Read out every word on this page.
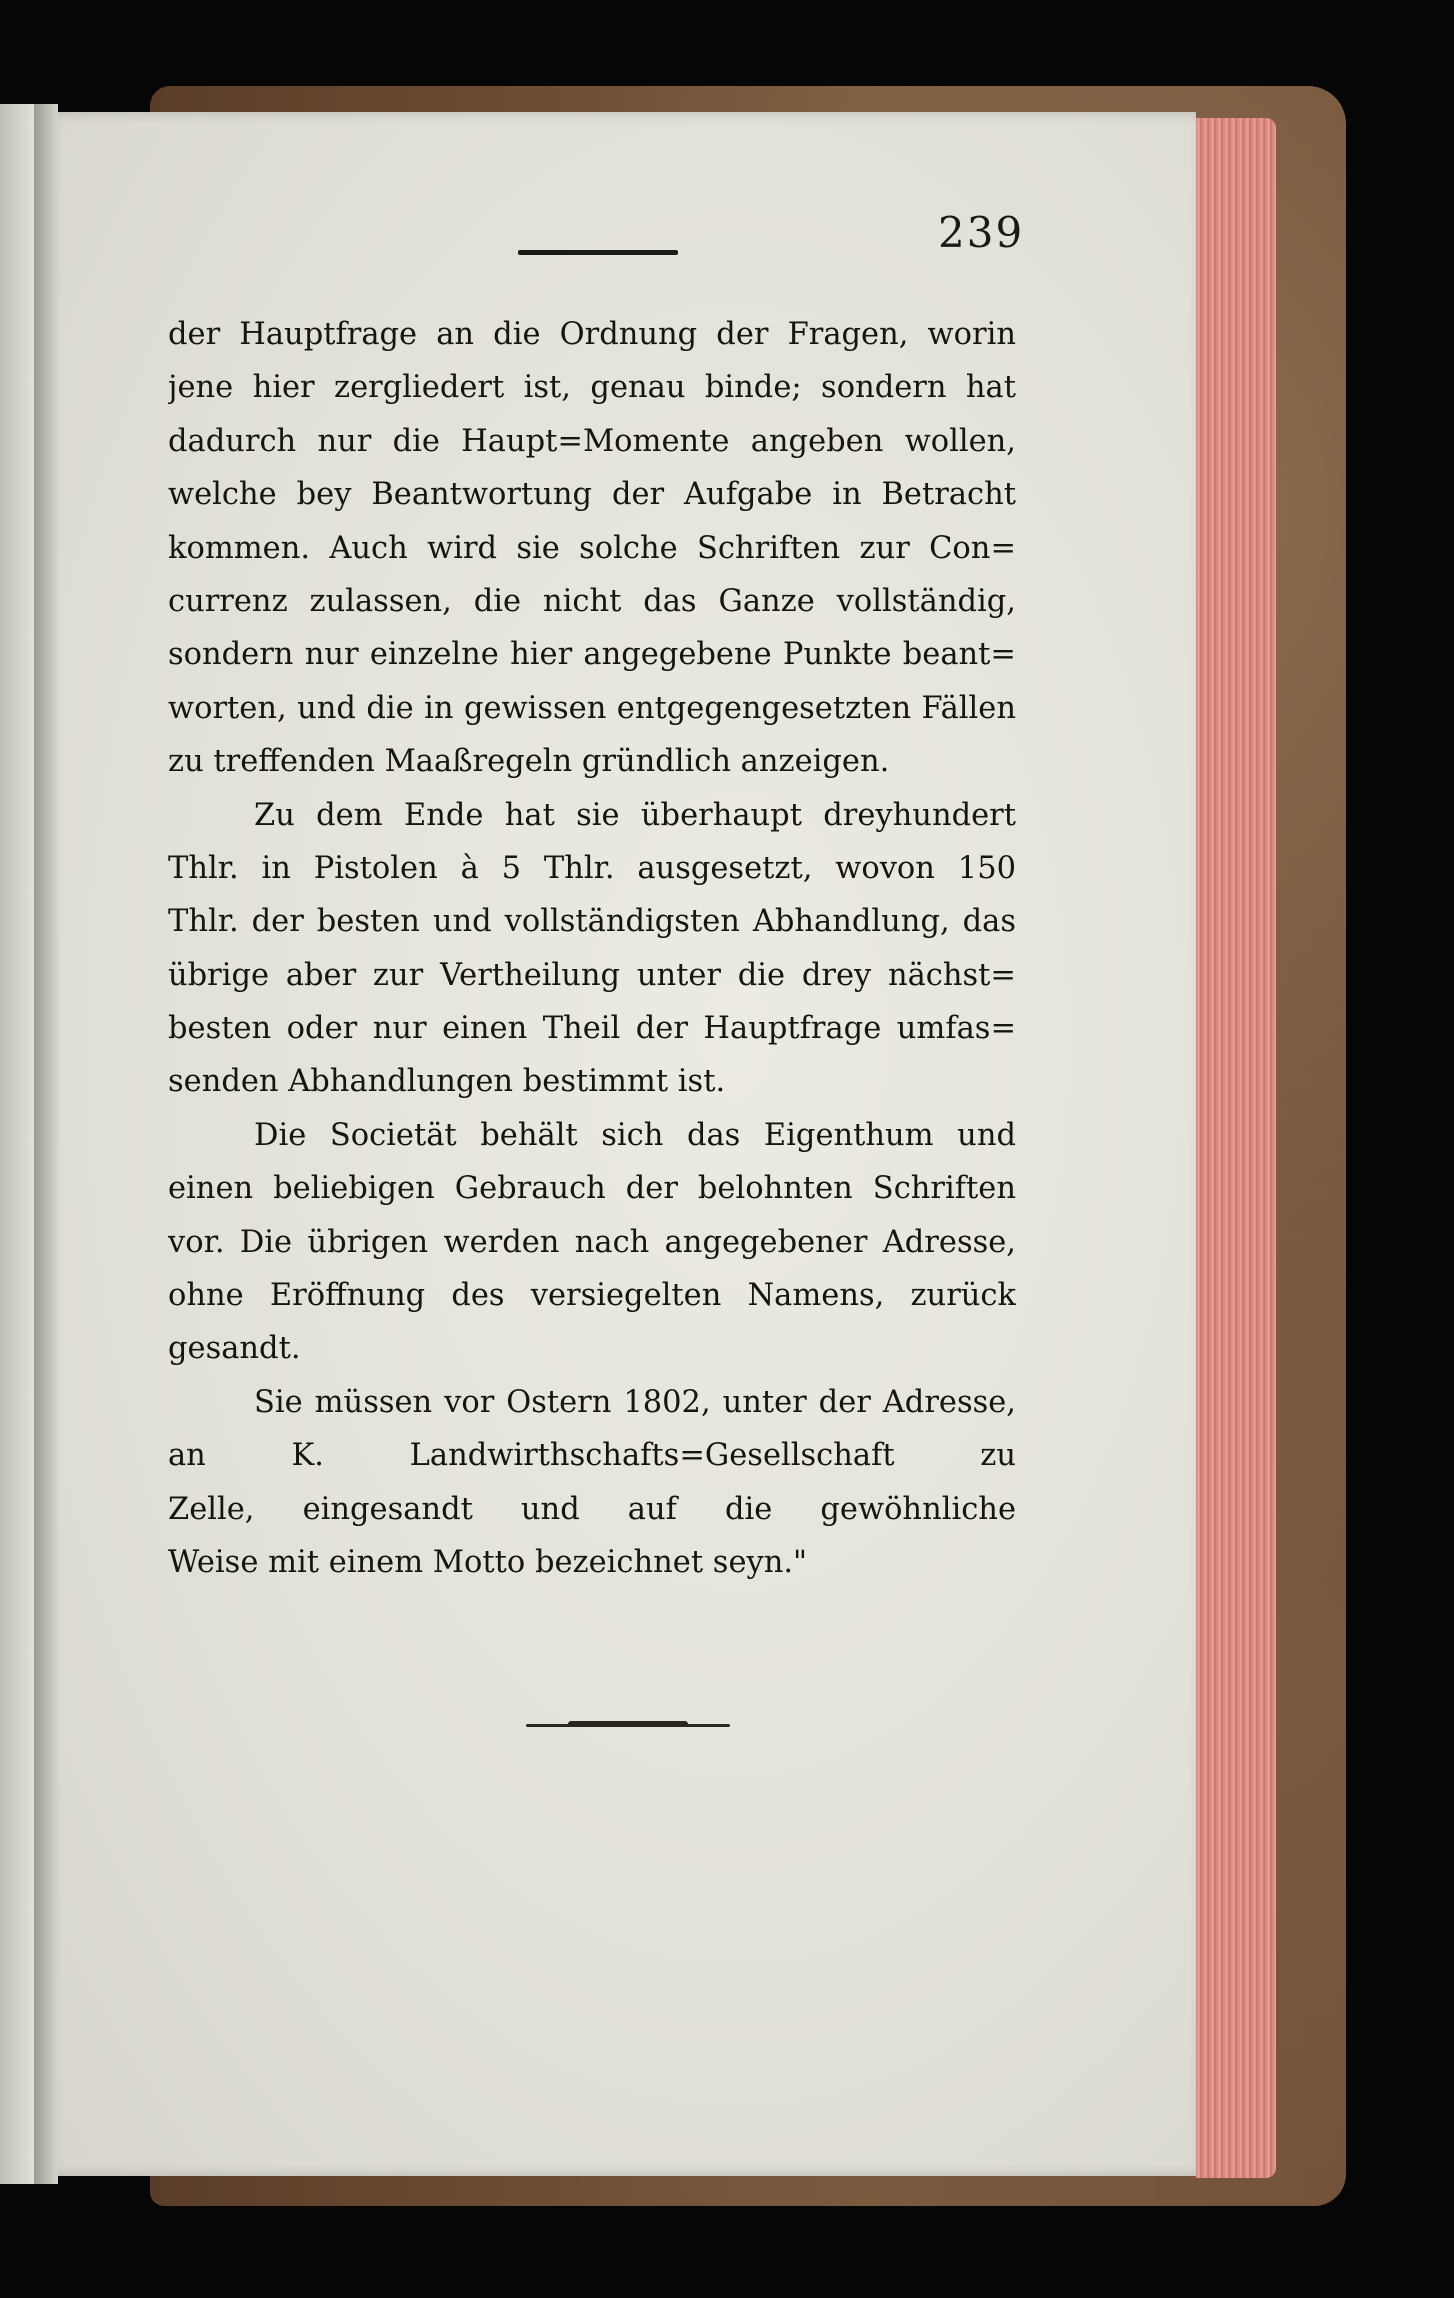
239
der Hauptfrage an die Ordnung der Fragen, worin
jene hier zergliedert ist, genau binde; sondern hat
dadurch nur die Haupt=Momente angeben wollen,
welche bey Beantwortung der Aufgabe in Betracht
kommen. Auch wird sie solche Schriften zur Con=
currenz zulassen, die nicht das Ganze vollständig,
sondern nur einzelne hier angegebene Punkte beant=
worten, und die in gewissen entgegengesetzten Fällen
zu treffenden Maaßregeln gründlich anzeigen.
Zu dem Ende hat sie überhaupt dreyhundert
Thlr. in Pistolen à 5 Thlr. ausgesetzt, wovon 150
Thlr. der besten und vollständigsten Abhandlung, das
übrige aber zur Vertheilung unter die drey nächst=
besten oder nur einen Theil der Hauptfrage umfas=
senden Abhandlungen bestimmt ist.
Die Societät behält sich das Eigenthum und
einen beliebigen Gebrauch der belohnten Schriften
vor. Die übrigen werden nach angegebener Adresse,
ohne Eröffnung des versiegelten Namens, zurück
gesandt.
Sie müssen vor Ostern 1802, unter der Adresse,
an K. Landwirthschafts=Gesellschaft zu
Zelle, eingesandt und auf die gewöhnliche
Weise mit einem Motto bezeichnet seyn."
